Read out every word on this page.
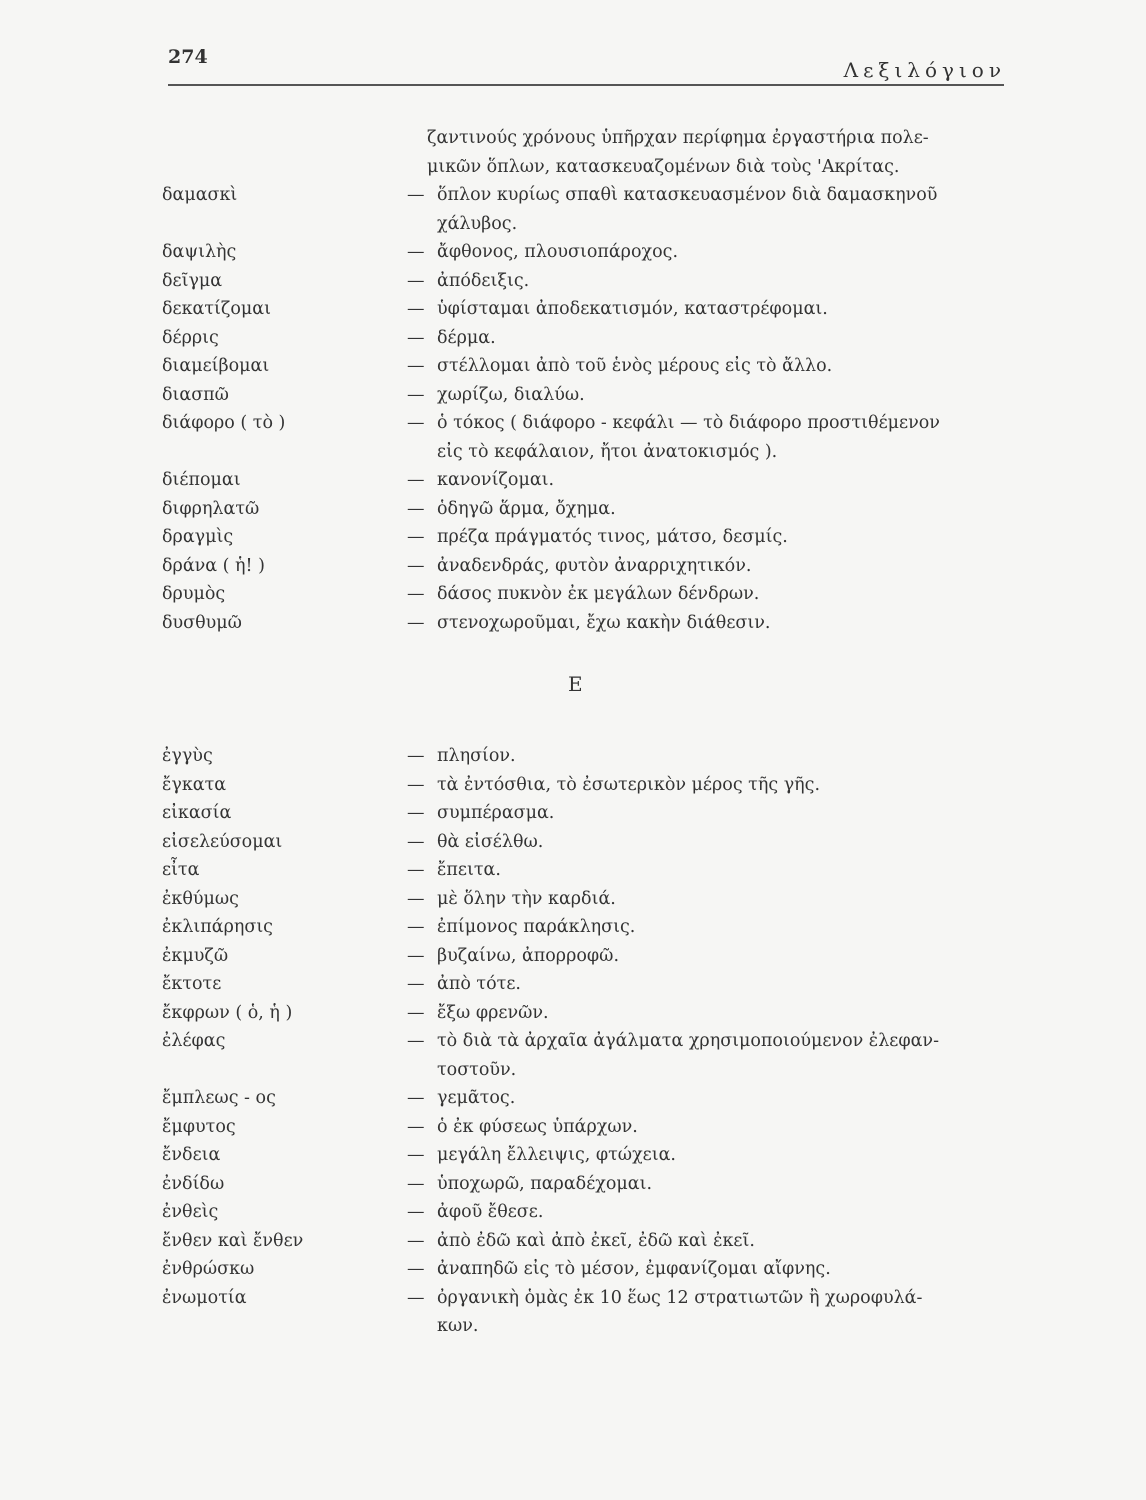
274
Λεξιλόγιον
ζαντινούς χρόνους ὑπῆρχαν περίφημα ἐργαστήρια πολε-
μικῶν ὅπλων, κατασκευαζομένων διὰ τοὺς 'Ακρίτας.
δαμασκὶ	— ὅπλον κυρίως σπαθὶ κατασκευασμένον διὰ δαμασκηνοῦ
χάλυβος.
δαψιλὴς	— ἄφθονος, πλουσιοπάροχος.
δεῖγμα	— ἀπόδειξις.
δεκατίζομαι	— ὑφίσταμαι ἀποδεκατισμόν, καταστρέφομαι.
δέρρις	— δέρμα.
διαμείβομαι	— στέλλομαι ἀπὸ τοῦ ἑνὸς μέρους εἰς τὸ ἄλλο.
διασπῶ	— χωρίζω, διαλύω.
διάφορο ( τὸ )	— ὁ τόκος ( διάφορο - κεφάλι — τὸ διάφορο προστιθέμενον
εἰς τὸ κεφάλαιον, ἤτοι ἀνατοκισμός ).
διέπομαι	— κανονίζομαι.
διφρηλατῶ	— ὁδηγῶ ἅρμα, ὄχημα.
δραγμὶς	— πρέζα πράγματός τινος, μάτσο, δεσμίς.
δράνα ( ἡ! )	— ἀναδενδράς, φυτὸν ἀναρριχητικόν.
δρυμὸς	— δάσος πυκνὸν ἐκ μεγάλων δένδρων.
δυσθυμῶ	— στενοχωροῦμαι, ἔχω κακὴν διάθεσιν.
Ε
ἐγγὺς	— πλησίον.
ἔγκατα	— τὰ ἐντόσθια, τὸ ἐσωτερικὸν μέρος τῆς γῆς.
εἰκασία	— συμπέρασμα.
εἰσελεύσομαι	— θὰ εἰσέλθω.
εἶτα	— ἔπειτα.
ἐκθύμως	— μὲ ὅλην τὴν καρδιά.
ἐκλιπάρησις	— ἐπίμονος παράκλησις.
ἐκμυζῶ	— βυζαίνω, ἀπορροφῶ.
ἔκτοτε	— ἀπὸ τότε.
ἔκφρων ( ὁ, ἡ )	— ἔξω φρενῶν.
ἐλέφας	— τὸ διὰ τὰ ἀρχαῖα ἀγάλματα χρησιμοποιούμενον ἐλεφαν-
τοστοῦν.
ἔμπλεως - ος	— γεμᾶτος.
ἔμφυτος	— ὁ ἐκ φύσεως ὑπάρχων.
ἔνδεια	— μεγάλη ἔλλειψις, φτώχεια.
ἐνδίδω	— ὑποχωρῶ, παραδέχομαι.
ἐνθεὶς	— ἀφοῦ ἔθεσε.
ἔνθεν καὶ ἔνθεν	— ἀπὸ ἐδῶ καὶ ἀπὸ ἐκεῖ, ἐδῶ καὶ ἐκεῖ.
ἐνθρώσκω	— ἀναπηδῶ εἰς τὸ μέσον, ἐμφανίζομαι αἴφνης.
ἐνωμοτία	— ὀργανικὴ ὁμὰς ἐκ 10 ἕως 12 στρατιωτῶν ἢ χωροφυλά-
κων.
